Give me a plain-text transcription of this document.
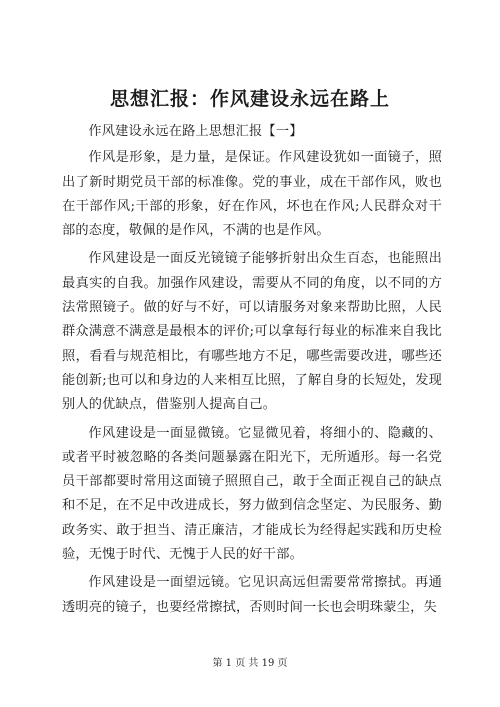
思想汇报：作风建设永远在路上

作风建设永远在路上思想汇报【一】

作风是形象，是力量，是保证。作风建设犹如一面镜子，照出了新时期党员干部的标准像。党的事业，成在干部作风，败也在干部作风;干部的形象，好在作风，坏也在作风;人民群众对干部的态度，敬佩的是作风，不满的也是作风。

作风建设是一面反光镜镜子能够折射出众生百态，也能照出最真实的自我。加强作风建设，需要从不同的角度，以不同的方法常照镜子。做的好与不好，可以请服务对象来帮助比照，人民群众满意不满意是最根本的评价;可以拿每行每业的标准来自我比照，看看与规范相比，有哪些地方不足，哪些需要改进，哪些还能创新;也可以和身边的人来相互比照，了解自身的长短处，发现别人的优缺点，借鉴别人提高自己。

作风建设是一面显微镜。它显微见着，将细小的、隐藏的、或者平时被忽略的各类问题暴露在阳光下，无所遁形。每一名党员干部都要时常用这面镜子照照自己，敢于全面正视自己的缺点和不足，在不足中改进成长，努力做到信念坚定、为民服务、勤政务实、敢于担当、清正廉洁，才能成长为经得起实践和历史检验，无愧于时代、无愧于人民的好干部。

作风建设是一面望远镜。它见识高远但需要常常擦拭。再通透明亮的镜子，也要经常擦拭，否则时间一长也会明珠蒙尘，失

第 1 页 共 19 页
